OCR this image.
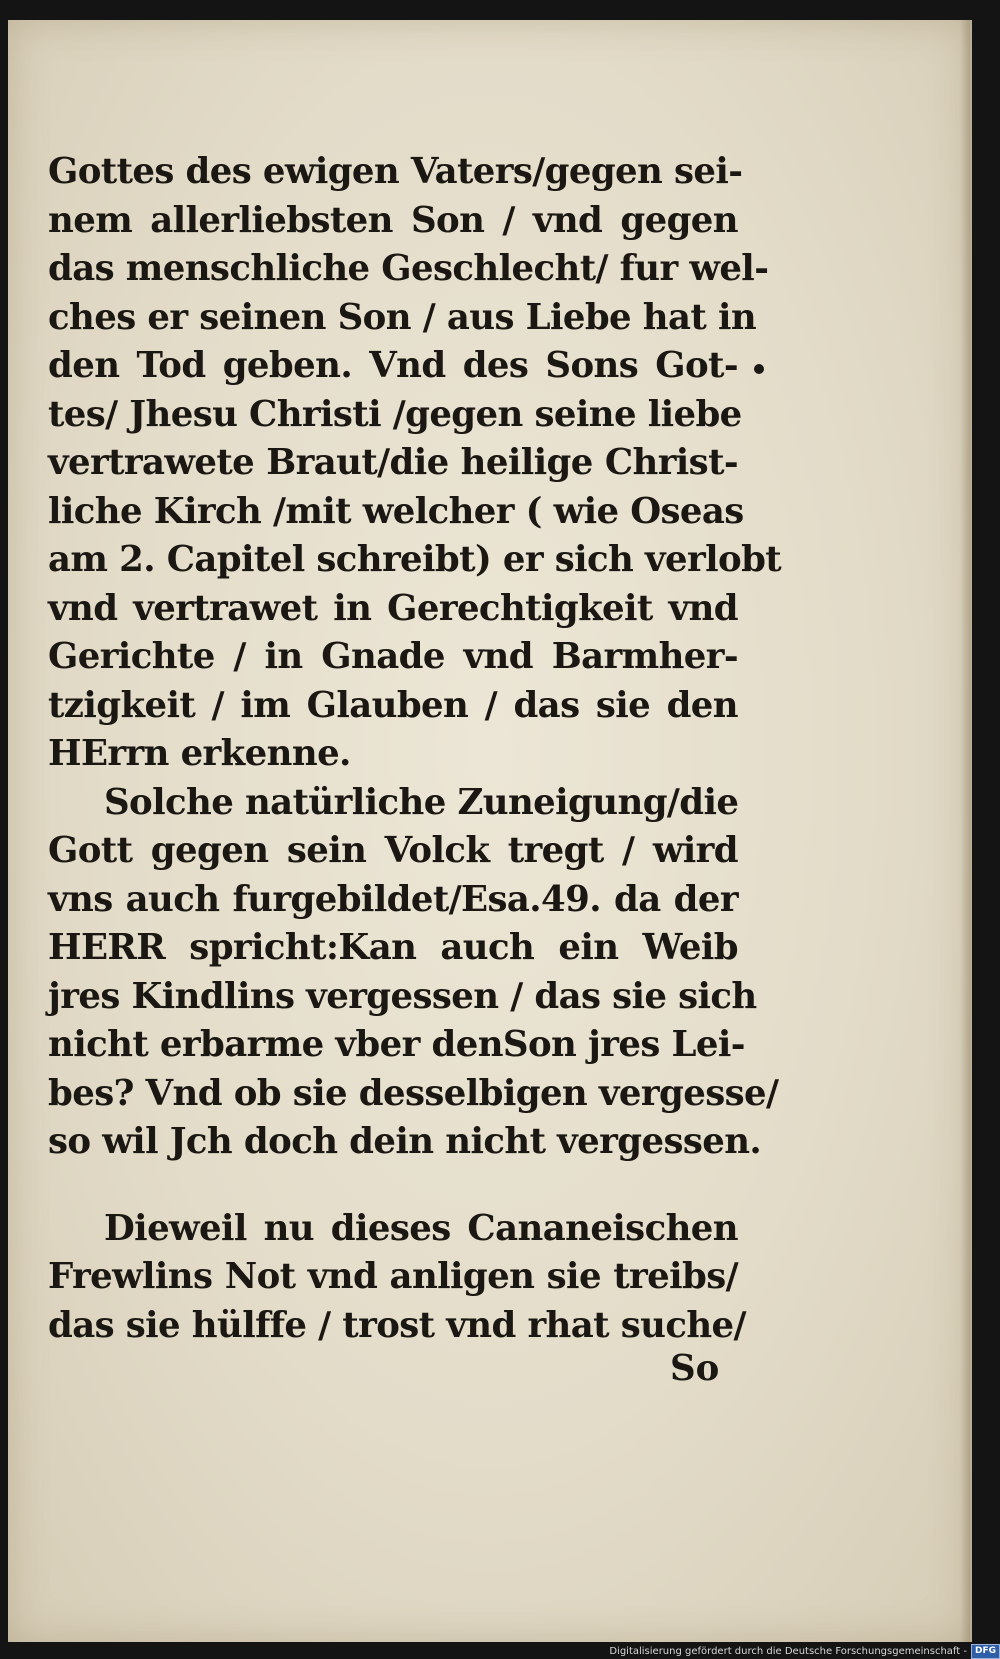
Gottes des ewigen Vaters/gegen sei-
nem allerliebsten Son / vnd gegen
das menschliche Geschlecht/ fur wel-
ches er seinen Son / aus Liebe hat in
den Tod geben. Vnd des Sons Got-
tes/ Jhesu Christi /gegen seine liebe
vertrawete Braut/die heilige Christ-
liche Kirch /mit welcher ( wie Oseas
am 2. Capitel schreibt) er sich verlobt
vnd vertrawet in Gerechtigkeit vnd
Gerichte / in Gnade vnd Barmher-
tzigkeit / im Glauben / das sie den
HErrn erkenne.
Solche natürliche Zuneigung/die
Gott gegen sein Volck tregt / wird
vns auch furgebildet/Esa.49. da der
HERR spricht:Kan auch ein Weib
jres Kindlins vergessen / das sie sich
nicht erbarme vber denSon jres Lei-
bes? Vnd ob sie desselbigen vergesse/
so wil Jch doch dein nicht vergessen.
Dieweil nu dieses Cananeischen
Frewlins Not vnd anligen sie treibs/
das sie hülffe / trost vnd rhat suche/
So
Digitalisierung gefördert durch die Deutsche Forschungsgemeinschaft - DFG
